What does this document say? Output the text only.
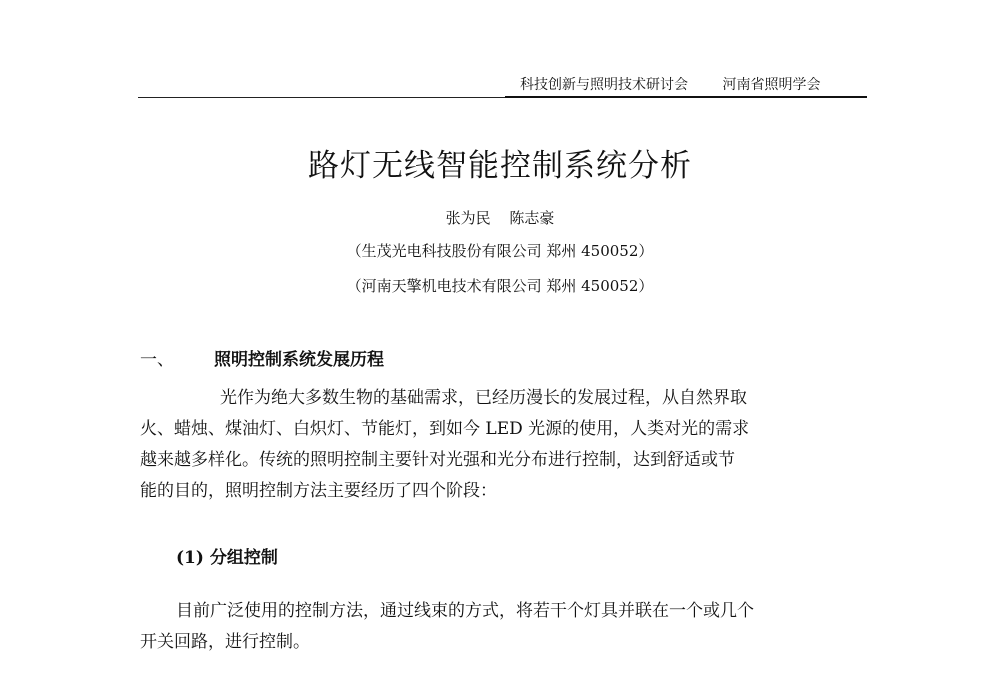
科技创新与照明技术研讨会 河南省照明学会
路灯无线智能控制系统分析
张为民 陈志豪
（生茂光电科技股份有限公司 郑州 450052）
（河南天擎机电技术有限公司 郑州 450052）
一、 照明控制系统发展历程
光作为绝大多数生物的基础需求，已经历漫长的发展过程，从自然界取
火、蜡烛、煤油灯、白炽灯、节能灯，到如今 LED 光源的使用，人类对光的需求
越来越多样化。传统的照明控制主要针对光强和光分布进行控制，达到舒适或节
能的目的，照明控制方法主要经历了四个阶段：
(1) 分组控制
目前广泛使用的控制方法，通过线束的方式，将若干个灯具并联在一个或几个
开关回路，进行控制。
